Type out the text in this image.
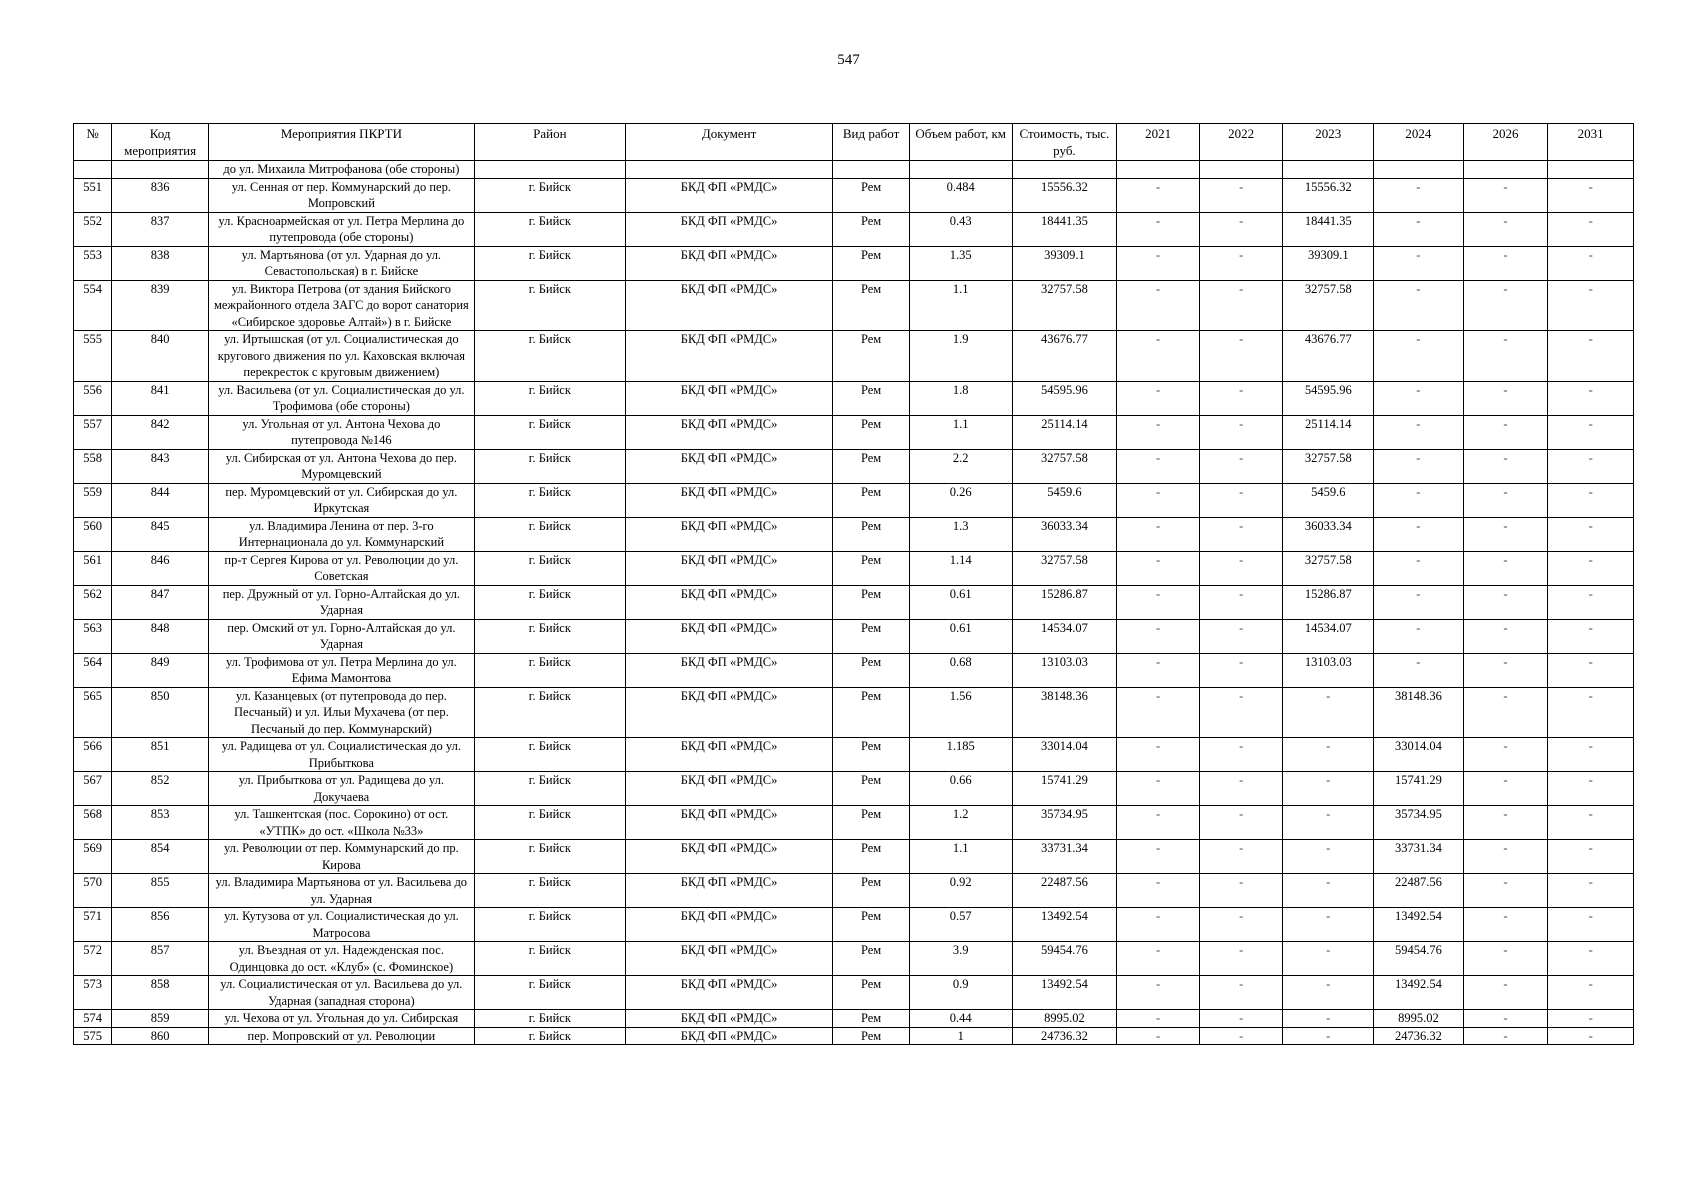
547
№	Код мероприятия	Мероприятия ПКРТИ	Район	Документ	Вид работ	Объем работ, км	Стоимость, тыс. руб.	2021	2022	2023	2024	2026	2031
		до ул. Михаила Митрофанова (обе стороны)											
551	836	ул. Сенная от пер. Коммунарский до пер. Мопровский	г. Бийск	БКД ФП «РМДС»	Рем	0.484	15556.32	-	-	15556.32	-	-	-
552	837	ул. Красноармейская от ул. Петра Мерлина до путепровода (обе стороны)	г. Бийск	БКД ФП «РМДС»	Рем	0.43	18441.35	-	-	18441.35	-	-	-
553	838	ул. Мартьянова (от ул. Ударная до ул. Севастопольская) в г. Бийске	г. Бийск	БКД ФП «РМДС»	Рем	1.35	39309.1	-	-	39309.1	-	-	-
554	839	ул. Виктора Петрова (от здания Бийского межрайонного отдела ЗАГС до ворот санатория «Сибирское здоровье Алтай») в г. Бийске	г. Бийск	БКД ФП «РМДС»	Рем	1.1	32757.58	-	-	32757.58	-	-	-
555	840	ул. Иртышская (от ул. Социалистическая до кругового движения по ул. Каховская включая перекресток с круговым движением)	г. Бийск	БКД ФП «РМДС»	Рем	1.9	43676.77	-	-	43676.77	-	-	-
556	841	ул. Васильева (от ул. Социалистическая до ул. Трофимова (обе стороны)	г. Бийск	БКД ФП «РМДС»	Рем	1.8	54595.96	-	-	54595.96	-	-	-
557	842	ул. Угольная от ул. Антона Чехова до путепровода №146	г. Бийск	БКД ФП «РМДС»	Рем	1.1	25114.14	-	-	25114.14	-	-	-
558	843	ул. Сибирская от ул. Антона Чехова до пер. Муромцевский	г. Бийск	БКД ФП «РМДС»	Рем	2.2	32757.58	-	-	32757.58	-	-	-
559	844	пер. Муромцевский от ул. Сибирская до ул. Иркутская	г. Бийск	БКД ФП «РМДС»	Рем	0.26	5459.6	-	-	5459.6	-	-	-
560	845	ул. Владимира Ленина от пер. 3-го Интернационала до ул. Коммунарский	г. Бийск	БКД ФП «РМДС»	Рем	1.3	36033.34	-	-	36033.34	-	-	-
561	846	пр-т Сергея Кирова от ул. Революции до ул. Советская	г. Бийск	БКД ФП «РМДС»	Рем	1.14	32757.58	-	-	32757.58	-	-	-
562	847	пер. Дружный от ул. Горно-Алтайская до ул. Ударная	г. Бийск	БКД ФП «РМДС»	Рем	0.61	15286.87	-	-	15286.87	-	-	-
563	848	пер. Омский от ул. Горно-Алтайская до ул. Ударная	г. Бийск	БКД ФП «РМДС»	Рем	0.61	14534.07	-	-	14534.07	-	-	-
564	849	ул. Трофимова от ул. Петра Мерлина до ул. Ефима Мамонтова	г. Бийск	БКД ФП «РМДС»	Рем	0.68	13103.03	-	-	13103.03	-	-	-
565	850	ул. Казанцевых (от путепровода до пер. Песчаный) и ул. Ильи Мухачева (от пер. Песчаный до пер. Коммунарский)	г. Бийск	БКД ФП «РМДС»	Рем	1.56	38148.36	-	-	-	38148.36	-	-
566	851	ул. Радищева от ул. Социалистическая до ул. Прибыткова	г. Бийск	БКД ФП «РМДС»	Рем	1.185	33014.04	-	-	-	33014.04	-	-
567	852	ул. Прибыткова от ул. Радищева до ул. Докучаева	г. Бийск	БКД ФП «РМДС»	Рем	0.66	15741.29	-	-	-	15741.29	-	-
568	853	ул. Ташкентская (пос. Сорокино) от ост. «УТПК» до ост. «Школа №33»	г. Бийск	БКД ФП «РМДС»	Рем	1.2	35734.95	-	-	-	35734.95	-	-
569	854	ул. Революции от пер. Коммунарский до пр. Кирова	г. Бийск	БКД ФП «РМДС»	Рем	1.1	33731.34	-	-	-	33731.34	-	-
570	855	ул. Владимира Мартьянова от ул. Васильева до ул. Ударная	г. Бийск	БКД ФП «РМДС»	Рем	0.92	22487.56	-	-	-	22487.56	-	-
571	856	ул. Кутузова от ул. Социалистическая до ул. Матросова	г. Бийск	БКД ФП «РМДС»	Рем	0.57	13492.54	-	-	-	13492.54	-	-
572	857	ул. Въездная от ул. Надежденская пос. Одинцовка до ост. «Клуб» (с. Фоминское)	г. Бийск	БКД ФП «РМДС»	Рем	3.9	59454.76	-	-	-	59454.76	-	-
573	858	ул. Социалистическая от ул. Васильева до ул. Ударная (западная сторона)	г. Бийск	БКД ФП «РМДС»	Рем	0.9	13492.54	-	-	-	13492.54	-	-
574	859	ул. Чехова от ул. Угольная до ул. Сибирская	г. Бийск	БКД ФП «РМДС»	Рем	0.44	8995.02	-	-	-	8995.02	-	-
575	860	пер. Мопровский от ул. Революции	г. Бийск	БКД ФП «РМДС»	Рем	1	24736.32	-	-	-	24736.32	-	-
